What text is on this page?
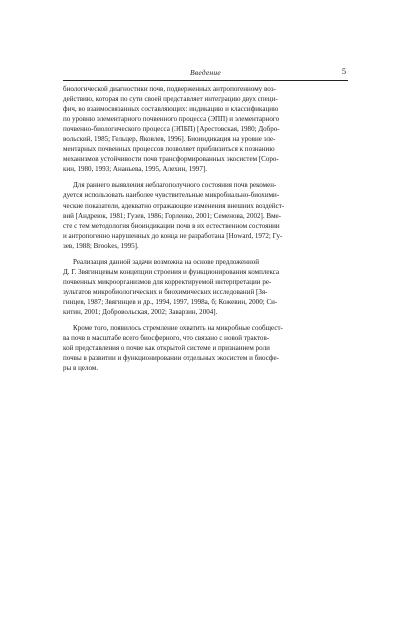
Введение	5
биологической диагностики почв, подверженных антропогенному воз-
действию, которая по сути своей представляет интеграцию двух специ-
фич, во взаимосвязанных составляющих: индикацию и классификацию
по уровню элементарного почвенного процесса (ЭПП) и элементарного
почвенно-биологического процесса (ЭПБП) [Арестовская, 1980; Добро-
вольский, 1985; Гельцер, Яковлев, 1996]. Биоиндикация на уровне эле-
ментарных почвенных процессов позволяет приблизиться к познанию
механизмов устойчивости почв трансформированных экосистем [Соро-
кин, 1980, 1993; Ананьева, 1995, Алехин, 1997].
Для раннего выявления неблагополучного состояния почв рекомен-
дуется использовать наиболее чувствительные микробиально-биохими-
ческие показатели, адекватно отражающие изменения внешних воздейст-
вий [Андреюк, 1981; Гузев, 1986; Горленко, 2001; Семенова, 2002]. Вме-
сте с тем методология биоиндикации почв в их естественном состоянии
и антропогенно нарушенных до конца не разработана [Howard, 1972; Гу-
зев, 1988; Brookes, 1995].
Реализация данной задачи возможна на основе предложенной
Д. Г. Звягинцевым концепции строения и функционирования комплекса
почвенных микроорганизмов для корректируемой интерпретации ре-
зультатов микробиологических и биохимических исследований [Зя-
гинцев, 1987; Звягинцев и др., 1994, 1997, 1998а, б; Кожевин, 2000; Си-
китин, 2001; Добровольская, 2002; Заварзин, 2004].
Кроме того, появилось стремление охватить на микробные сообщест-
ва почв в масштабе всего биосферного, что связано с новой трактов-
кой представления о почве как открытой системе и признанием роли
почвы в развитии и функционировании отдельных экосистем и биосфе-
ры в целом.
